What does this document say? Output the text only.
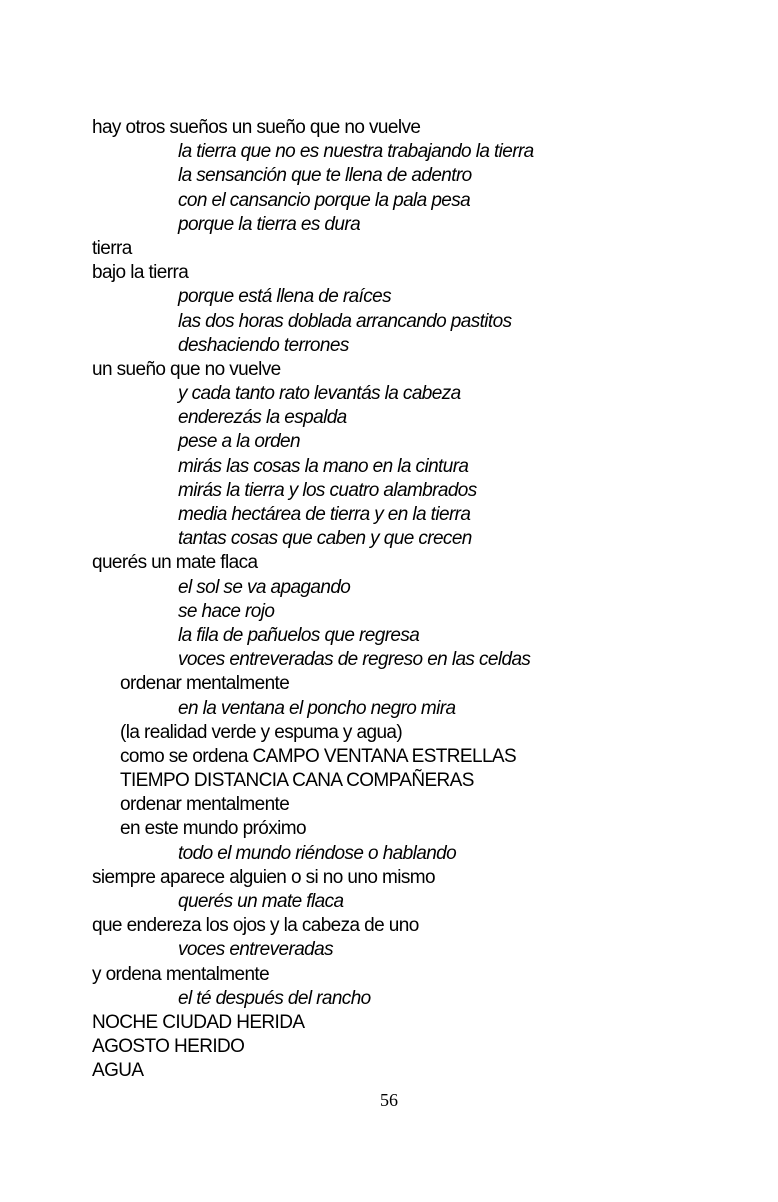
hay otros sueños un sueño que no vuelve
la tierra que no es nuestra trabajando la tierra
la sensanción que te llena de adentro
con el cansancio porque la pala pesa
porque la tierra es dura
tierra
bajo la tierra
porque está llena de raíces
las dos horas doblada arrancando pastitos
deshaciendo terrones
un sueño que no vuelve
y cada tanto rato levantás la cabeza
enderezás la espalda
pese a la orden
mirás las cosas la mano en la cintura
mirás la tierra y los cuatro alambrados
media hectárea de tierra y en la tierra
tantas cosas que caben y que crecen
querés un mate flaca
el sol se va apagando
se hace rojo
la fila de pañuelos que regresa
voces entreveradas de regreso en las celdas
ordenar mentalmente
en la ventana el poncho negro mira
(la realidad verde y espuma y agua)
como se ordena CAMPO VENTANA ESTRELLAS
TIEMPO DISTANCIA CANA COMPAÑERAS
ordenar mentalmente
en este mundo próximo
todo el mundo riéndose o hablando
siempre aparece alguien o si no uno mismo
querés un mate flaca
que endereza los ojos y la cabeza de uno
voces entreveradas
y ordena mentalmente
el té después del rancho
NOCHE CIUDAD HERIDA
AGOSTO HERIDO
AGUA
56
